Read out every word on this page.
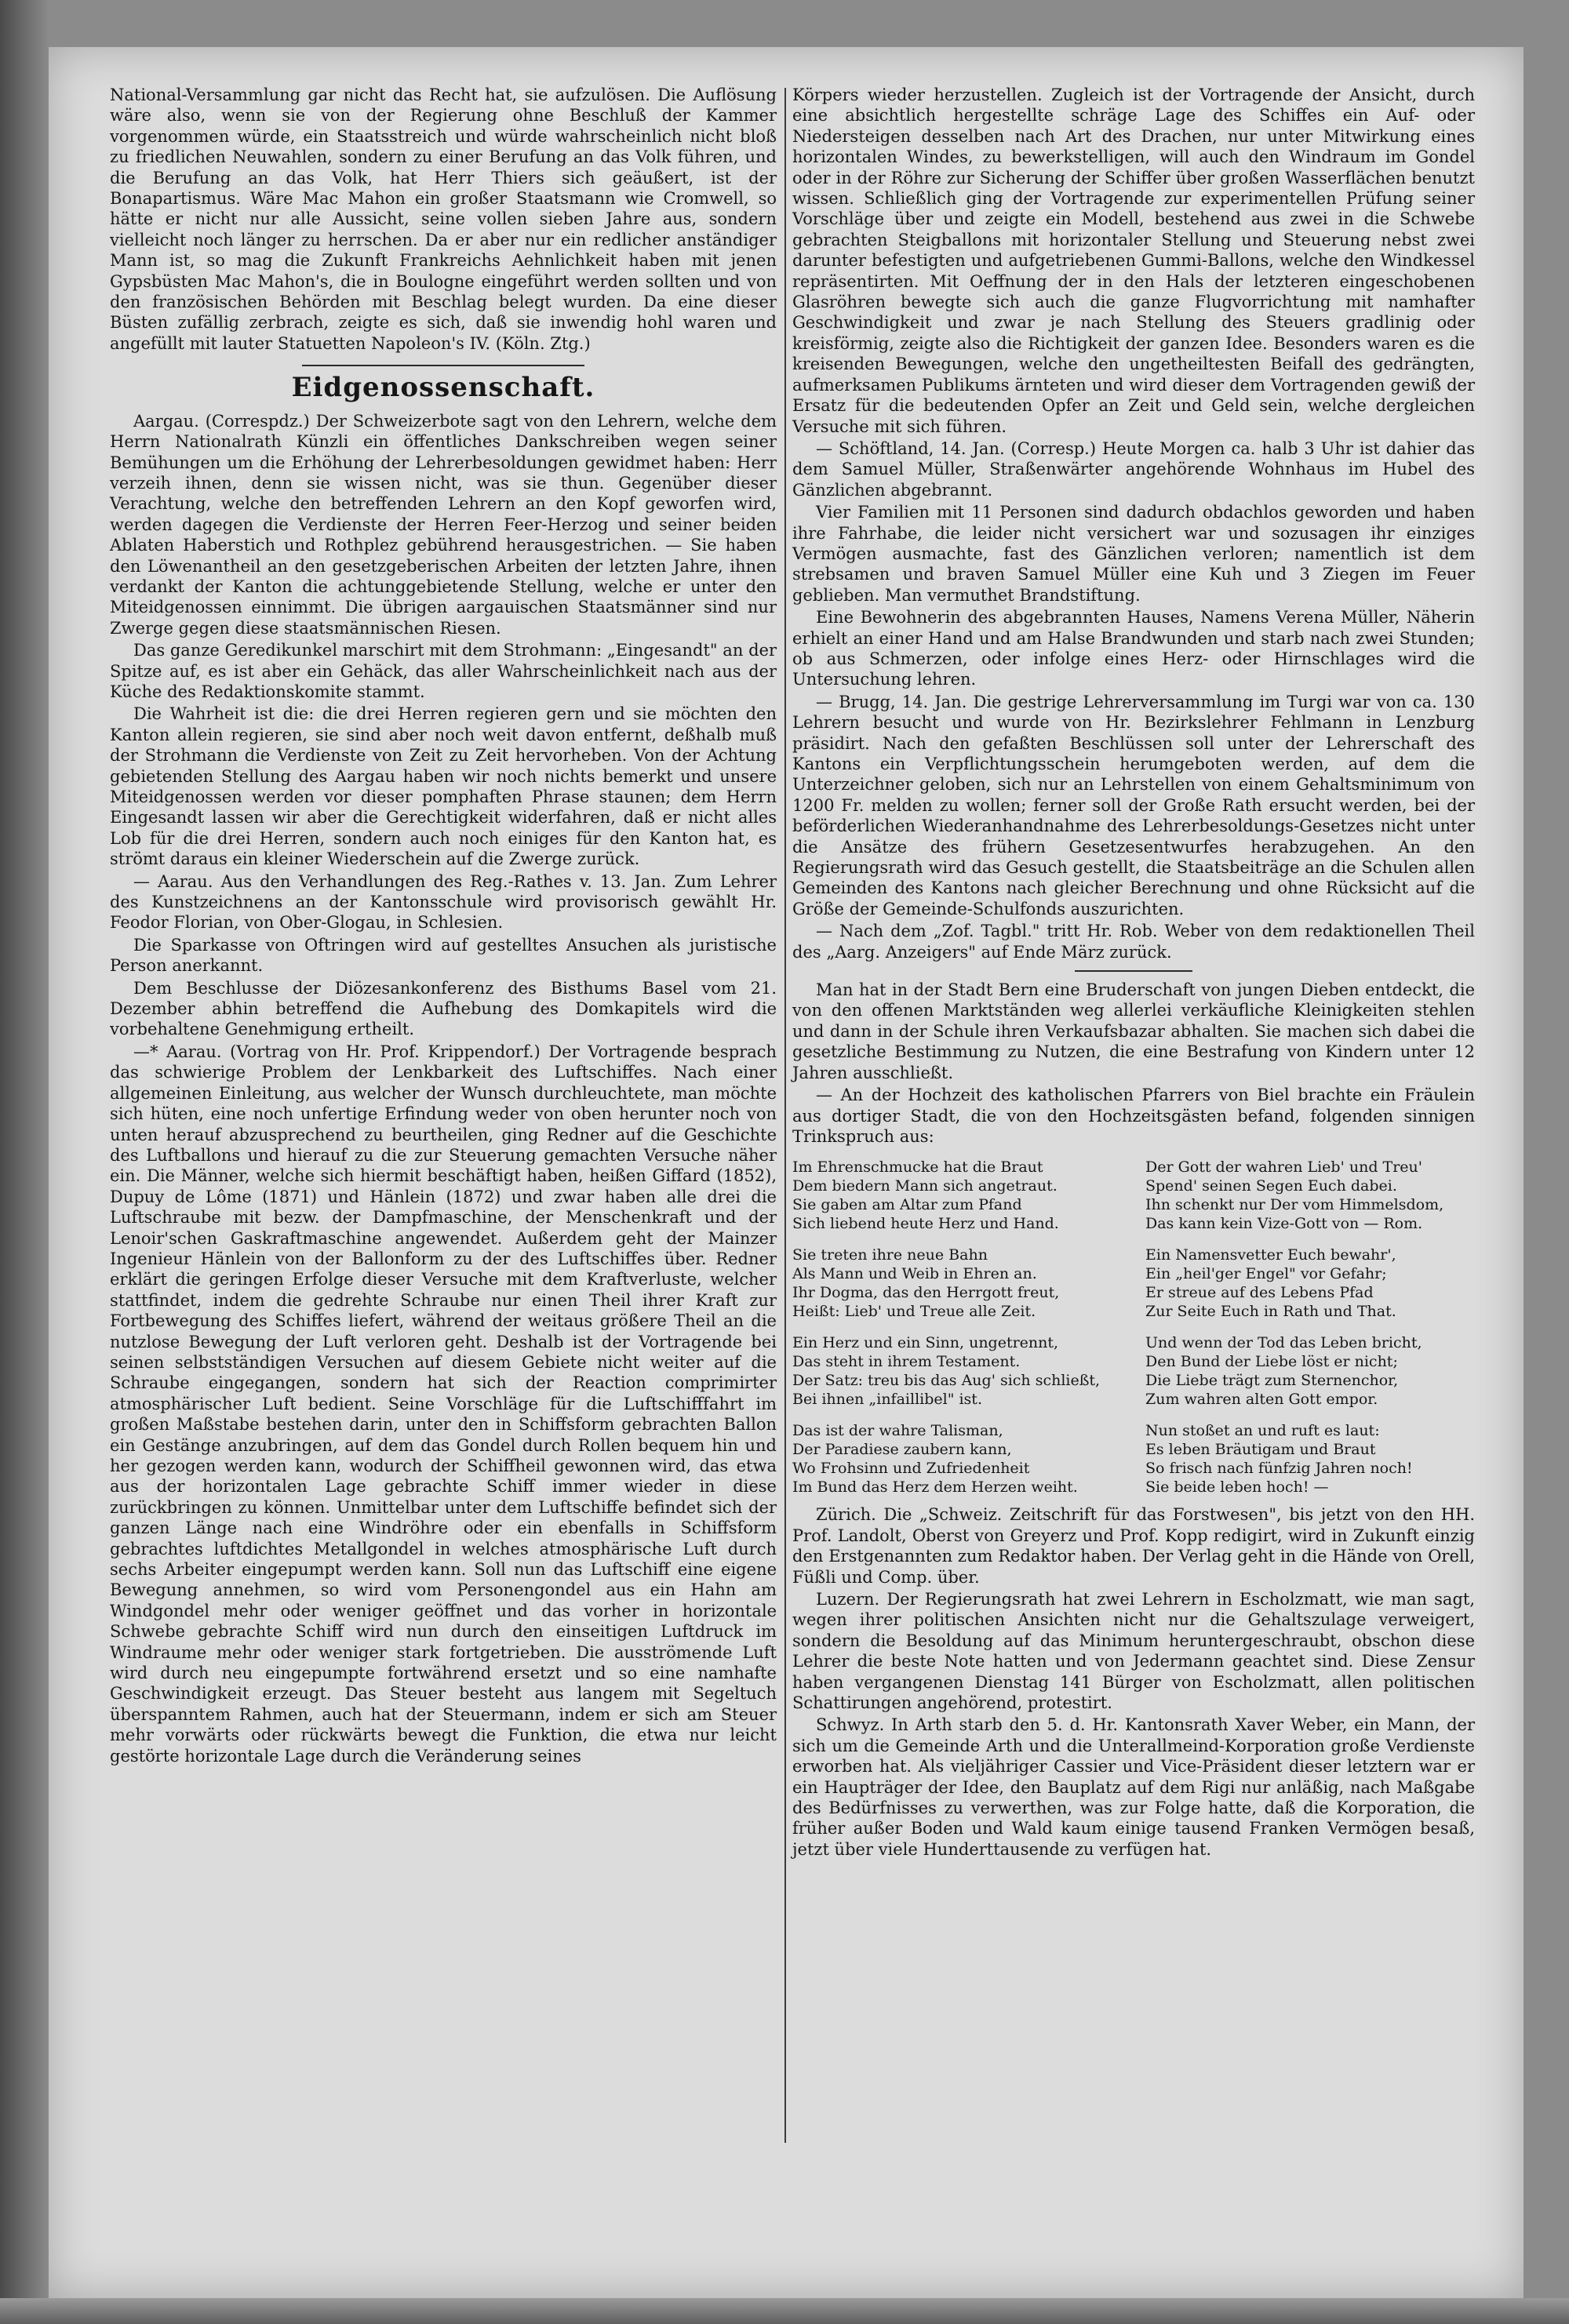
National-Versammlung gar nicht das Recht hat, sie aufzulösen. Die Auflösung wäre also, wenn sie von der Regierung ohne Beschluß der Kammer vorgenommen würde, ein Staatsstreich und würde wahrscheinlich nicht bloß zu friedlichen Neuwahlen, sondern zu einer Berufung an das Volk führen, und die Berufung an das Volk, hat Herr Thiers sich geäußert, ist der Bonapartismus. Wäre Mac Mahon ein großer Staatsmann wie Cromwell, so hätte er nicht nur alle Aussicht, seine vollen sieben Jahre aus, sondern vielleicht noch länger zu herrschen. Da er aber nur ein redlicher anständiger Mann ist, so mag die Zukunft Frankreichs Aehnlichkeit haben mit jenen Gypsbüsten Mac Mahon's, die in Boulogne eingeführt werden sollten und von den französischen Behörden mit Beschlag belegt wurden. Da eine dieser Büsten zufällig zerbrach, zeigte es sich, daß sie inwendig hohl waren und angefüllt mit lauter Statuetten Napoleon's IV. (Köln. Ztg.)

Eidgenossenschaft.

Aargau. (Correspdz.) Der Schweizerbote sagt von den Lehrern, welche dem Herrn Nationalrath Künzli ein öffentliches Dankschreiben wegen seiner Bemühungen um die Erhöhung der Lehrerbesoldungen gewidmet haben: Herr verzeih ihnen, denn sie wissen nicht, was sie thun. Gegenüber dieser Verachtung, welche den betreffenden Lehrern an den Kopf geworfen wird, werden dagegen die Verdienste der Herren Feer-Herzog und seiner beiden Ablaten Haberstich und Rothplez gebührend herausgestrichen. — Sie haben den Löwenantheil an den gesetzgeberischen Arbeiten der letzten Jahre, ihnen verdankt der Kanton die achtunggebietende Stellung, welche er unter den Miteidgenossen einnimmt. Die übrigen aargauischen Staatsmänner sind nur Zwerge gegen diese staatsmännischen Riesen.

Das ganze Geredikunkel marschirt mit dem Strohmann: „Eingesandt" an der Spitze auf, es ist aber ein Gehäck, das aller Wahrscheinlichkeit nach aus der Küche des Redaktionskomite stammt.

Die Wahrheit ist die: die drei Herren regieren gern und sie möchten den Kanton allein regieren, sie sind aber noch weit davon entfernt, deßhalb muß der Strohmann die Verdienste von Zeit zu Zeit hervorheben. Von der Achtung gebietenden Stellung des Aargau haben wir noch nichts bemerkt und unsere Miteidgenossen werden vor dieser pomphaften Phrase staunen; dem Herrn Eingesandt lassen wir aber die Gerechtigkeit widerfahren, daß er nicht alles Lob für die drei Herren, sondern auch noch einiges für den Kanton hat, es strömt daraus ein kleiner Wiederschein auf die Zwerge zurück.

— Aarau. Aus den Verhandlungen des Reg.-Rathes v. 13. Jan. Zum Lehrer des Kunstzeichnens an der Kantonsschule wird provisorisch gewählt Hr. Feodor Florian, von Ober-Glogau, in Schlesien.

Die Sparkasse von Oftringen wird auf gestelltes Ansuchen als juristische Person anerkannt.

Dem Beschlusse der Diözesankonferenz des Bisthums Basel vom 21. Dezember abhin betreffend die Aufhebung des Domkapitels wird die vorbehaltene Genehmigung ertheilt.

—* Aarau. (Vortrag von Hr. Prof. Krippendorf.) Der Vortragende besprach das schwierige Problem der Lenkbarkeit des Luftschiffes. Nach einer allgemeinen Einleitung, aus welcher der Wunsch durchleuchtete, man möchte sich hüten, eine noch unfertige Erfindung weder von oben herunter noch von unten herauf abzusprechend zu beurtheilen, ging Redner auf die Geschichte des Luftballons und hierauf zu die zur Steuerung gemachten Versuche näher ein. Die Männer, welche sich hiermit beschäftigt haben, heißen Giffard (1852), Dupuy de Lôme (1871) und Hänlein (1872) und zwar haben alle drei die Luftschraube mit bezw. der Dampfmaschine, der Menschenkraft und der Lenoir'schen Gaskraftmaschine angewendet. Außerdem geht der Mainzer Ingenieur Hänlein von der Ballonform zu der des Luftschiffes über. Redner erklärt die geringen Erfolge dieser Versuche mit dem Kraftverluste, welcher stattfindet, indem die gedrehte Schraube nur einen Theil ihrer Kraft zur Fortbewegung des Schiffes liefert, während der weitaus größere Theil an die nutzlose Bewegung der Luft verloren geht. Deshalb ist der Vortragende bei seinen selbstständigen Versuchen auf diesem Gebiete nicht weiter auf die Schraube eingegangen, sondern hat sich der Reaction comprimirter atmosphärischer Luft bedient. Seine Vorschläge für die Luftschifffahrt im großen Maßstabe bestehen darin, unter den in Schiffsform gebrachten Ballon ein Gestänge anzubringen, auf dem das Gondel durch Rollen bequem hin und her gezogen werden kann, wodurch der Schiffheil gewonnen wird, das etwa aus der horizontalen Lage gebrachte Schiff immer wieder in diese zurückbringen zu können. Unmittelbar unter dem Luftschiffe befindet sich der ganzen Länge nach eine Windröhre oder ein ebenfalls in Schiffsform gebrachtes luftdichtes Metallgondel in welches atmosphärische Luft durch sechs Arbeiter eingepumpt werden kann. Soll nun das Luftschiff eine eigene Bewegung annehmen, so wird vom Personengondel aus ein Hahn am Windgondel mehr oder weniger geöffnet und das vorher in horizontale Schwebe gebrachte Schiff wird nun durch den einseitigen Luftdruck im Windraume mehr oder weniger stark fortgetrieben. Die ausströmende Luft wird durch neu eingepumpte fortwährend ersetzt und so eine namhafte Geschwindigkeit erzeugt. Das Steuer besteht aus langem mit Segeltuch überspanntem Rahmen, auch hat der Steuermann, indem er sich am Steuer mehr vorwärts oder rückwärts bewegt die Funktion, die etwa nur leicht gestörte horizontale Lage durch die Veränderung seines

Körpers wieder herzustellen. Zugleich ist der Vortragende der Ansicht, durch eine absichtlich hergestellte schräge Lage des Schiffes ein Auf- oder Niedersteigen desselben nach Art des Drachen, nur unter Mitwirkung eines horizontalen Windes, zu bewerkstelligen, will auch den Windraum im Gondel oder in der Röhre zur Sicherung der Schiffer über großen Wasserflächen benutzt wissen. Schließlich ging der Vortragende zur experimentellen Prüfung seiner Vorschläge über und zeigte ein Modell, bestehend aus zwei in die Schwebe gebrachten Steigballons mit horizontaler Stellung und Steuerung nebst zwei darunter befestigten und aufgetriebenen Gummi-Ballons, welche den Windkessel repräsentirten. Mit Oeffnung der in den Hals der letzteren eingeschobenen Glasröhren bewegte sich auch die ganze Flugvorrichtung mit namhafter Geschwindigkeit und zwar je nach Stellung des Steuers gradlinig oder kreisförmig, zeigte also die Richtigkeit der ganzen Idee. Besonders waren es die kreisenden Bewegungen, welche den ungetheiltesten Beifall des gedrängten, aufmerksamen Publikums ärnteten und wird dieser dem Vortragenden gewiß der Ersatz für die bedeutenden Opfer an Zeit und Geld sein, welche dergleichen Versuche mit sich führen.

— Schöftland, 14. Jan. (Corresp.) Heute Morgen ca. halb 3 Uhr ist dahier das dem Samuel Müller, Straßenwärter angehörende Wohnhaus im Hubel des Gänzlichen abgebrannt.

Vier Familien mit 11 Personen sind dadurch obdachlos geworden und haben ihre Fahrhabe, die leider nicht versichert war und sozusagen ihr einziges Vermögen ausmachte, fast des Gänzlichen verloren; namentlich ist dem strebsamen und braven Samuel Müller eine Kuh und 3 Ziegen im Feuer geblieben. Man vermuthet Brandstiftung.

Eine Bewohnerin des abgebrannten Hauses, Namens Verena Müller, Näherin erhielt an einer Hand und am Halse Brandwunden und starb nach zwei Stunden; ob aus Schmerzen, oder infolge eines Herz- oder Hirnschlages wird die Untersuchung lehren.

— Brugg, 14. Jan. Die gestrige Lehrerversammlung im Turgi war von ca. 130 Lehrern besucht und wurde von Hr. Bezirkslehrer Fehlmann in Lenzburg präsidirt. Nach den gefaßten Beschlüssen soll unter der Lehrerschaft des Kantons ein Verpflichtungsschein herumgeboten werden, auf dem die Unterzeichner geloben, sich nur an Lehrstellen von einem Gehaltsminimum von 1200 Fr. melden zu wollen; ferner soll der Große Rath ersucht werden, bei der beförderlichen Wiederanhandnahme des Lehrerbesoldungs-Gesetzes nicht unter die Ansätze des frühern Gesetzesentwurfes herabzugehen. An den Regierungsrath wird das Gesuch gestellt, die Staatsbeiträge an die Schulen allen Gemeinden des Kantons nach gleicher Berechnung und ohne Rücksicht auf die Größe der Gemeinde-Schulfonds auszurichten.

— Nach dem „Zof. Tagbl." tritt Hr. Rob. Weber von dem redaktionellen Theil des „Aarg. Anzeigers" auf Ende März zurück.

Man hat in der Stadt Bern eine Bruderschaft von jungen Dieben entdeckt, die von den offenen Marktständen weg allerlei verkäufliche Kleinigkeiten stehlen und dann in der Schule ihren Verkaufsbazar abhalten. Sie machen sich dabei die gesetzliche Bestimmung zu Nutzen, die eine Bestrafung von Kindern unter 12 Jahren ausschließt.

— An der Hochzeit des katholischen Pfarrers von Biel brachte ein Fräulein aus dortiger Stadt, die von den Hochzeitsgästen befand, folgenden sinnigen Trinkspruch aus:

Im Ehrenschmucke hat die Braut
Dem biedern Mann sich angetraut.
Sie gaben am Altar zum Pfand
Sich liebend heute Herz und Hand.
Der Gott der wahren Lieb' und Treu'
Spend' seinen Segen Euch dabei.
Ihn schenkt nur Der vom Himmelsdom,
Das kann kein Vize-Gott von — Rom.
Sie treten ihre neue Bahn
Als Mann und Weib in Ehren an.
Ihr Dogma, das den Herrgott freut,
Heißt: Lieb' und Treue alle Zeit.
Ein Namensvetter Euch bewahr',
Ein „heil'ger Engel" vor Gefahr;
Er streue auf des Lebens Pfad
Zur Seite Euch in Rath und That.
Ein Herz und ein Sinn, ungetrennt,
Das steht in ihrem Testament.
Der Satz: treu bis das Aug' sich schließt,
Bei ihnen „infaillibel" ist.
Und wenn der Tod das Leben bricht,
Den Bund der Liebe löst er nicht;
Die Liebe trägt zum Sternenchor,
Zum wahren alten Gott empor.
Das ist der wahre Talisman,
Der Paradiese zaubern kann,
Wo Frohsinn und Zufriedenheit
Im Bund das Herz dem Herzen weiht.
Nun stoßet an und ruft es laut:
Es leben Bräutigam und Braut
So frisch nach fünfzig Jahren noch!
Sie beide leben hoch! —

Zürich. Die „Schweiz. Zeitschrift für das Forstwesen", bis jetzt von den HH. Prof. Landolt, Oberst von Greyerz und Prof. Kopp redigirt, wird in Zukunft einzig den Erstgenannten zum Redaktor haben. Der Verlag geht in die Hände von Orell, Füßli und Comp. über.

Luzern. Der Regierungsrath hat zwei Lehrern in Escholzmatt, wie man sagt, wegen ihrer politischen Ansichten nicht nur die Gehaltszulage verweigert, sondern die Besoldung auf das Minimum heruntergeschraubt, obschon diese Lehrer die beste Note hatten und von Jedermann geachtet sind. Diese Zensur haben vergangenen Dienstag 141 Bürger von Escholzmatt, allen politischen Schattirungen angehörend, protestirt.

Schwyz. In Arth starb den 5. d. Hr. Kantonsrath Xaver Weber, ein Mann, der sich um die Gemeinde Arth und die Unterallmeind-Korporation große Verdienste erworben hat. Als vieljähriger Cassier und Vice-Präsident dieser letztern war er ein Haupträger der Idee, den Bauplatz auf dem Rigi nur anläßig, nach Maßgabe des Bedürfnisses zu verwerthen, was zur Folge hatte, daß die Korporation, die früher außer Boden und Wald kaum einige tausend Franken Vermögen besaß, jetzt über viele Hunderttausende zu verfügen hat.
